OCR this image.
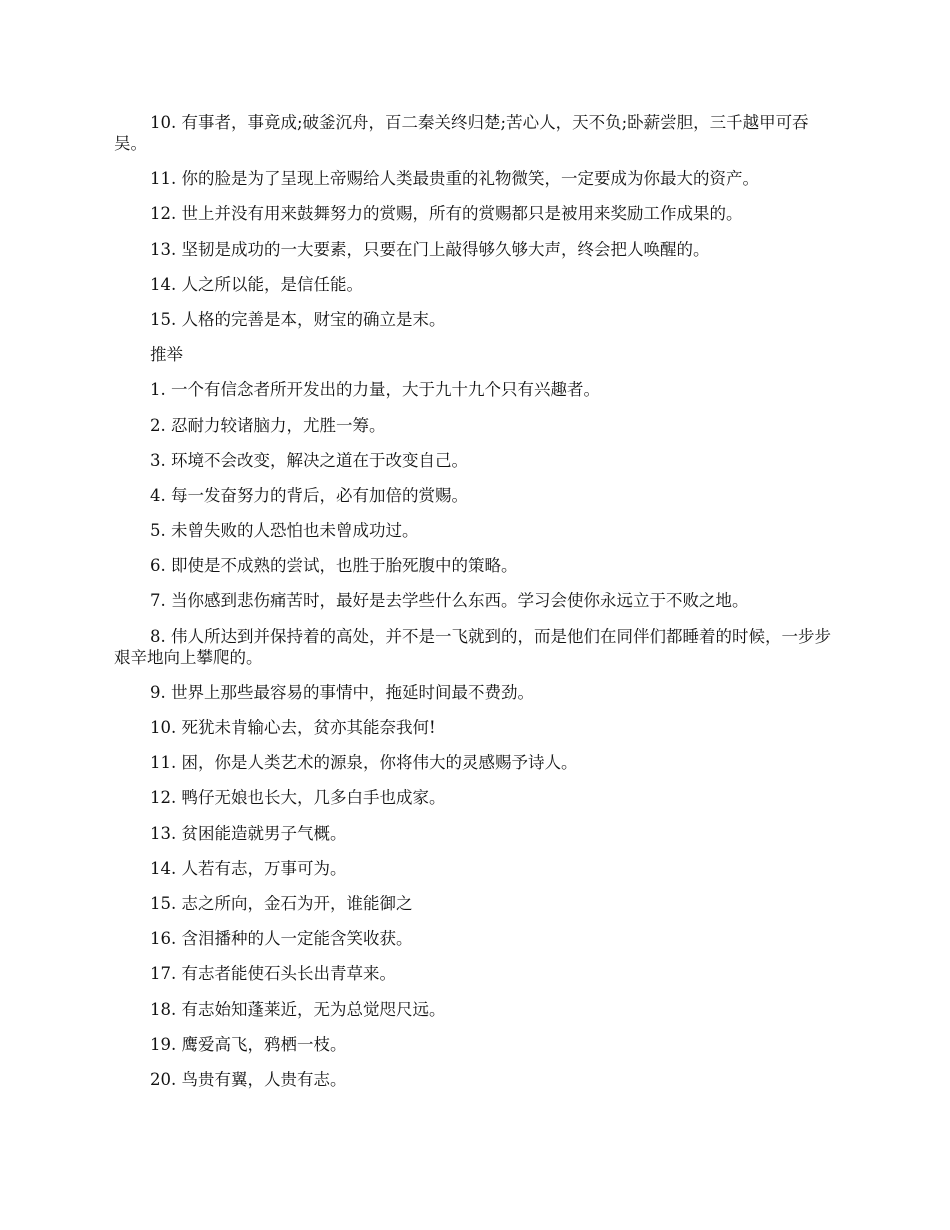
10. 有事者，事竟成;破釜沉舟，百二秦关终归楚;苦心人，天不负;卧薪尝胆，三千越甲可吞吴。

11. 你的脸是为了呈现上帝赐给人类最贵重的礼物微笑，一定要成为你最大的资产。

12. 世上并没有用来鼓舞努力的赏赐，所有的赏赐都只是被用来奖励工作成果的。

13. 坚韧是成功的一大要素，只要在门上敲得够久够大声，终会把人唤醒的。

14. 人之所以能，是信任能。

15. 人格的完善是本，财宝的确立是末。

推举

1. 一个有信念者所开发出的力量，大于九十九个只有兴趣者。

2. 忍耐力较诸脑力，尤胜一筹。

3. 环境不会改变，解决之道在于改变自己。

4. 每一发奋努力的背后，必有加倍的赏赐。

5. 未曾失败的人恐怕也未曾成功过。

6. 即使是不成熟的尝试，也胜于胎死腹中的策略。

7. 当你感到悲伤痛苦时，最好是去学些什么东西。学习会使你永远立于不败之地。

8. 伟人所达到并保持着的高处，并不是一飞就到的，而是他们在同伴们都睡着的时候，一步步艰辛地向上攀爬的。

9. 世界上那些最容易的事情中，拖延时间最不费劲。

10. 死犹未肯输心去，贫亦其能奈我何!

11. 困，你是人类艺术的源泉，你将伟大的灵感赐予诗人。

12. 鸭仔无娘也长大，几多白手也成家。

13. 贫困能造就男子气概。

14. 人若有志，万事可为。

15. 志之所向，金石为开，谁能御之

16. 含泪播种的人一定能含笑收获。

17. 有志者能使石头长出青草来。

18. 有志始知蓬莱近，无为总觉咫尺远。

19. 鹰爱高飞，鸦栖一枝。

20. 鸟贵有翼，人贵有志。
